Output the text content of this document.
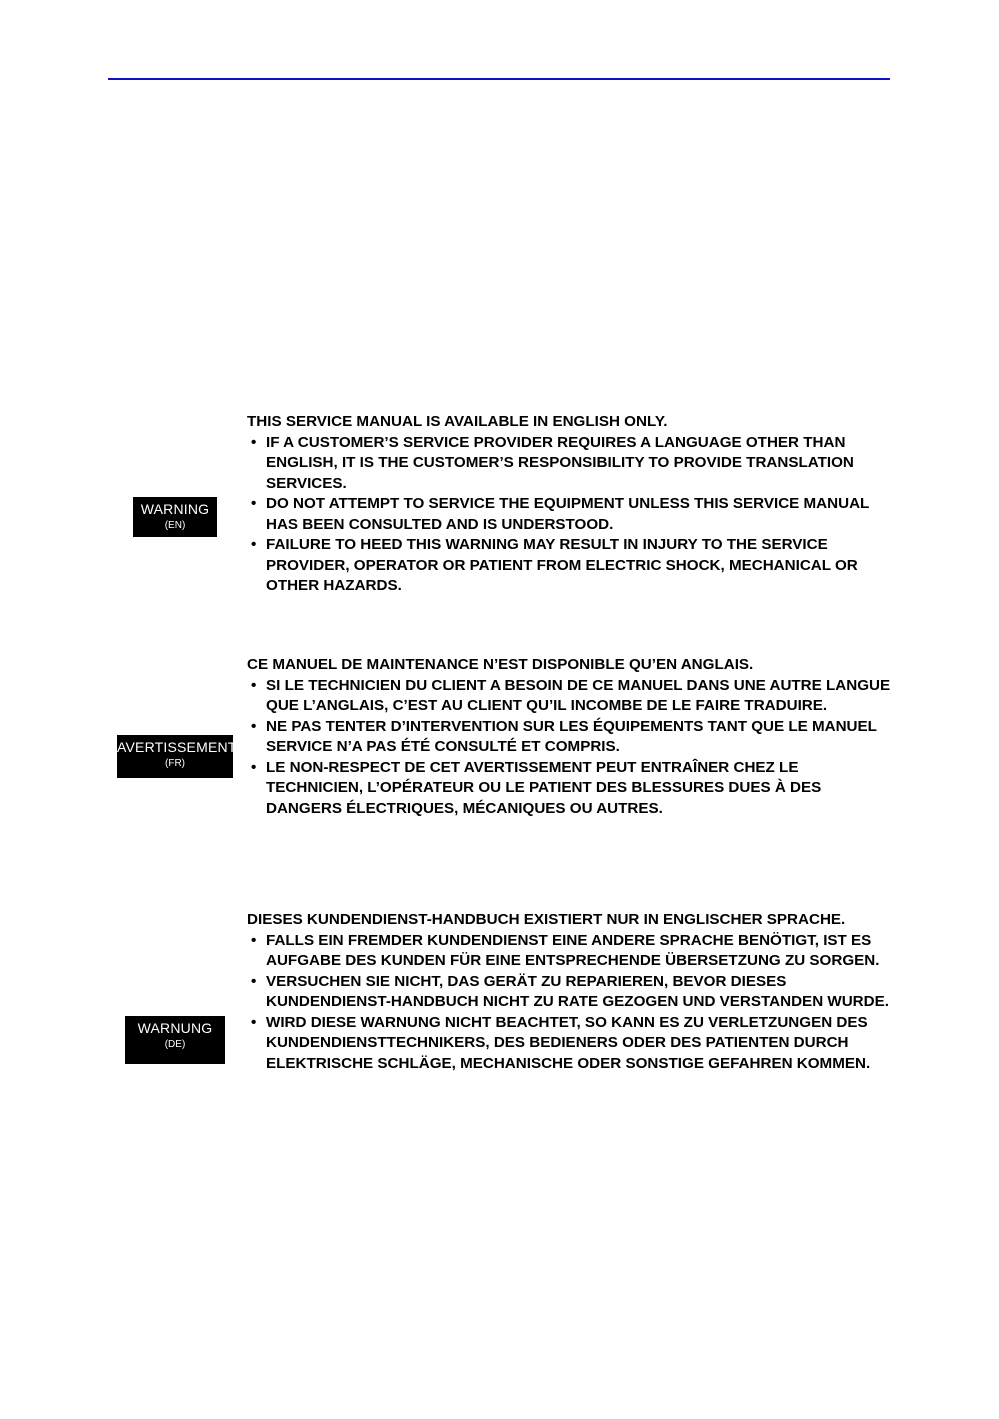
WARNING
(EN)

THIS SERVICE MANUAL IS AVAILABLE IN ENGLISH ONLY.

• IF A CUSTOMER’S SERVICE PROVIDER REQUIRES A LANGUAGE OTHER THAN ENGLISH, IT IS THE CUSTOMER’S RESPONSIBILITY TO PROVIDE TRANSLATION SERVICES.
• DO NOT ATTEMPT TO SERVICE THE EQUIPMENT UNLESS THIS SERVICE MANUAL HAS BEEN CONSULTED AND IS UNDERSTOOD.
• FAILURE TO HEED THIS WARNING MAY RESULT IN INJURY TO THE SERVICE PROVIDER, OPERATOR OR PATIENT FROM ELECTRIC SHOCK, MECHANICAL OR OTHER HAZARDS.
AVERTISSEMENT
(FR)

CE MANUEL DE MAINTENANCE N’EST DISPONIBLE QU’EN ANGLAIS.

• SI LE TECHNICIEN DU CLIENT A BESOIN DE CE MANUEL DANS UNE AUTRE LANGUE QUE L’ANGLAIS, C’EST AU CLIENT QU’IL INCOMBE DE LE FAIRE TRADUIRE.
• NE PAS TENTER D’INTERVENTION SUR LES ÉQUIPEMENTS TANT QUE LE MANUEL SERVICE N’A PAS ÉTÉ CONSULTÉ ET COMPRIS.
• LE NON-RESPECT DE CET AVERTISSEMENT PEUT ENTRAÎNER CHEZ LE TECHNICIEN, L’OPÉRATEUR OU LE PATIENT DES BLESSURES DUES À DES DANGERS ÉLECTRIQUES, MÉCANIQUES OU AUTRES.
WARNUNG
(DE)

DIESES KUNDENDIENST-HANDBUCH EXISTIERT NUR IN ENGLISCHER SPRACHE.

• FALLS EIN FREMDER KUNDENDIENST EINE ANDERE SPRACHE BENÖTIGT, IST ES AUFGABE DES KUNDEN FÜR EINE ENTSPRECHENDE ÜBERSETZUNG ZU SORGEN.
• VERSUCHEN SIE NICHT, DAS GERÄT ZU REPARIEREN, BEVOR DIESES KUNDENDIENST-HANDBUCH NICHT ZU RATE GEZOGEN UND VERSTANDEN WURDE.
• WIRD DIESE WARNUNG NICHT BEACHTET, SO KANN ES ZU VERLETZUNGEN DES KUNDENDIENSTTECHNIKERS, DES BEDIENERS ODER DES PATIENTEN DURCH ELEKTRISCHE SCHLÄGE, MECHANISCHE ODER SONSTIGE GEFAHREN KOMMEN.
